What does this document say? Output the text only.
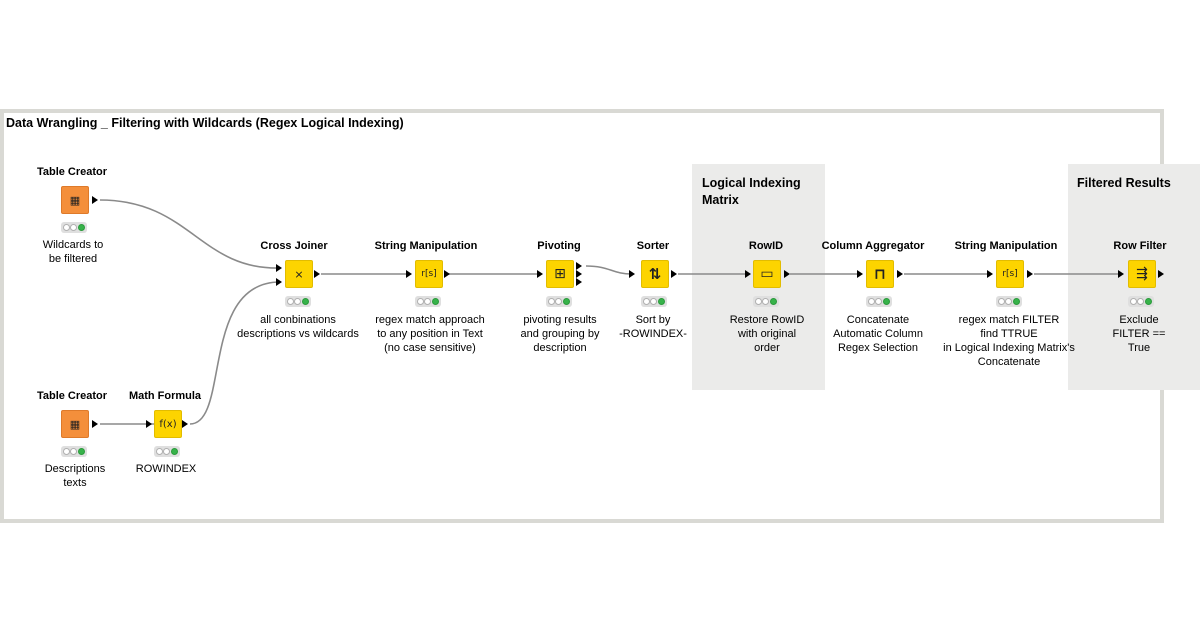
Data Wrangling _ Filtering with Wildcards (Regex Logical Indexing)
Logical Indexing
Matrix
Filtered Results
Table Creator
▦
Wildcards to
be filtered
Table Creator
▦
Descriptions
texts
Math Formula
f(x)
ROWINDEX
Cross Joiner
⨯
all conbinations
descriptions vs wildcards
String Manipulation
r[s]
regex match approach
to any position in Text
(no case sensitive)
Pivoting
⊞
pivoting results
and grouping by
description
Sorter
⇅
Sort by
-ROWINDEX-
RowID
▭
Restore RowID
with original
order
Column Aggregator
⊓
Concatenate
Automatic Column
Regex Selection
String Manipulation
r[s]
regex match FILTER
find TTRUE
in Logical Indexing Matrix's
Concatenate
Row Filter
⇶
Exclude
FILTER == True
